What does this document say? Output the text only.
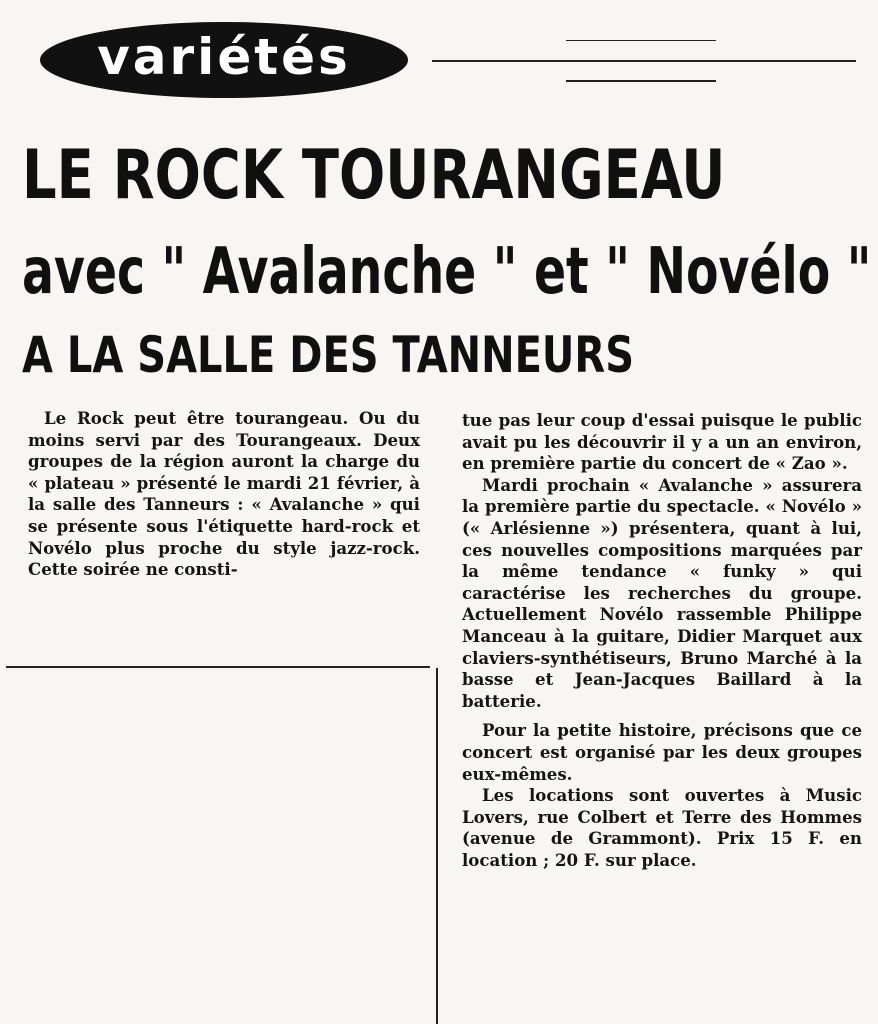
variétés
LE ROCK TOURANGEAU
avec " Avalanche " et " Novélo "
A LA SALLE DES TANNEURS

Le Rock peut être tourangeau. Ou du moins servi par des Tourangeaux. Deux groupes de la région auront la charge du « plateau » présenté le mardi 21 février, à la salle des Tanneurs : « Avalanche » qui se présente sous l'étiquette hard-rock et Novélo plus proche du style jazz-rock. Cette soirée ne consti-

tue pas leur coup d'essai puisque le public avait pu les découvrir il y a un an environ, en première partie du concert de « Zao ».

Mardi prochain « Avalanche » assurera la première partie du spectacle. « Novélo » (« Arlésienne ») présentera, quant à lui, ces nouvelles compositions marquées par la même tendance « funky » qui caractérise les recherches du groupe. Actuellement Novélo rassemble Philippe Manceau à la guitare, Didier Marquet aux claviers-synthétiseurs, Bruno Marché à la basse et Jean-Jacques Baillard à la batterie.

Pour la petite histoire, précisons que ce concert est organisé par les deux groupes eux-mêmes.

Les locations sont ouvertes à Music Lovers, rue Colbert et Terre des Hommes (avenue de Grammont). Prix 15 F. en location ; 20 F. sur place.
